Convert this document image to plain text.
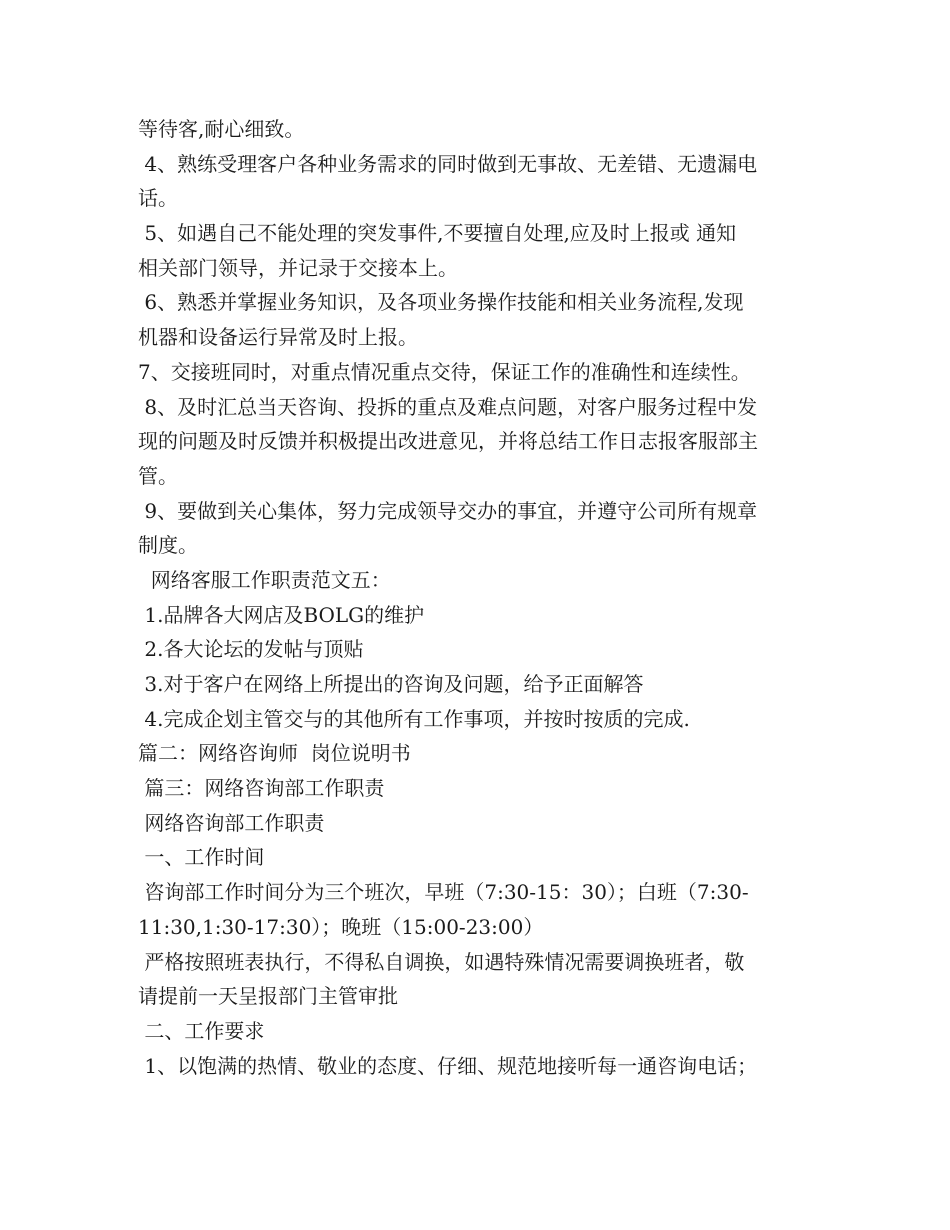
等待客,耐心细致。
4、熟练受理客户各种业务需求的同时做到无事故、无差错、无遗漏电
话。
5、如遇自己不能处理的突发事件,不要擅自处理,应及时上报或 通知
相关部门领导，并记录于交接本上。
6、熟悉并掌握业务知识，及各项业务操作技能和相关业务流程,发现
机器和设备运行异常及时上报。
7、交接班同时，对重点情况重点交待，保证工作的准确性和连续性。
8、及时汇总当天咨询、投拆的重点及难点问题，对客户服务过程中发
现的问题及时反馈并积极提出改进意见，并将总结工作日志报客服部主
管。
9、要做到关心集体，努力完成领导交办的事宜，并遵守公司所有规章
制度。
网络客服工作职责范文五：
1.品牌各大网店及BOLG的维护
2.各大论坛的发帖与顶贴
3.对于客户在网络上所提出的咨询及问题，给予正面解答
4.完成企划主管交与的其他所有工作事项，并按时按质的完成.
篇二：网络咨询师  岗位说明书
篇三：网络咨询部工作职责
网络咨询部工作职责
一、工作时间
咨询部工作时间分为三个班次，早班（7:30-15：30）；白班（7:30-
11:30,1:30-17:30）；晚班（15:00-23:00）
严格按照班表执行，不得私自调换，如遇特殊情况需要调换班者，敬
请提前一天呈报部门主管审批
二、工作要求
1、以饱满的热情、敬业的态度、仔细、规范地接听每一通咨询电话；
